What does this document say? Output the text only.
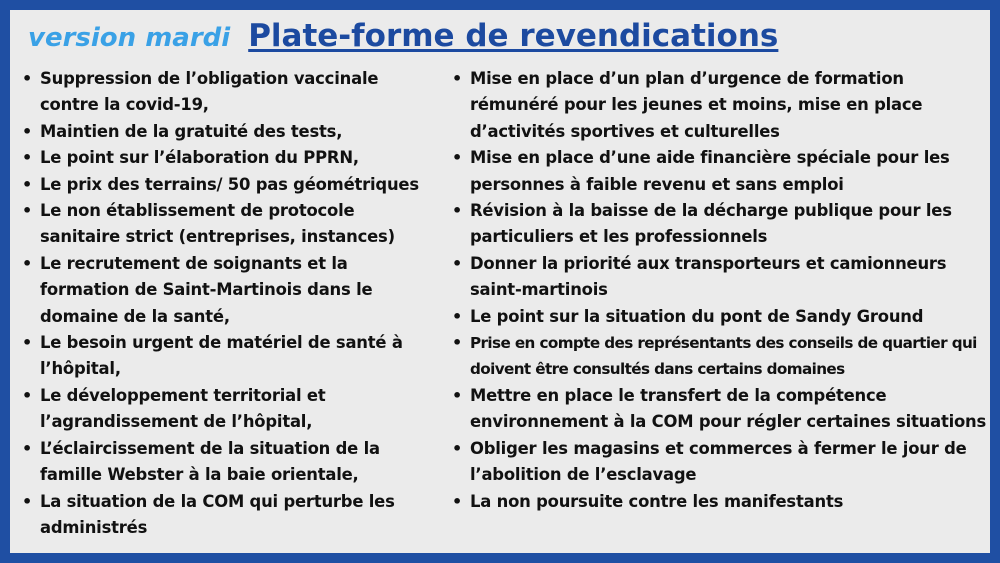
version mardi Plate-forme de revendications
• Suppression de l’obligation vaccinale contre la covid-19,
• Maintien de la gratuité des tests,
• Le point sur l’élaboration du PPRN,
• Le prix des terrains/ 50 pas géométriques
• Le non établissement de protocole sanitaire strict (entreprises, instances)
• Le recrutement de soignants et la formation de Saint-Martinois dans le domaine de la santé,
• Le besoin urgent de matériel de santé à l’hôpital,
• Le développement territorial et l’agrandissement de l’hôpital,
• L’éclaircissement de la situation de la famille Webster à la baie orientale,
• La situation de la COM qui perturbe les administrés
• Mise en place d’un plan d’urgence de formation rémunéré pour les jeunes et moins, mise en place d’activités sportives et culturelles
• Mise en place d’une aide financière spéciale pour les personnes à faible revenu et sans emploi
• Révision à la baisse de la décharge publique pour les particuliers et les professionnels
• Donner la priorité aux transporteurs et camionneurs saint-martinois
• Le point sur la situation du pont de Sandy Ground
• Prise en compte des représentants des conseils de quartier qui doivent être consultés dans certains domaines
• Mettre en place le transfert de la compétence environnement à la COM pour régler certaines situations
• Obliger les magasins et commerces à fermer le jour de l’abolition de l’esclavage
• La non poursuite contre les manifestants
